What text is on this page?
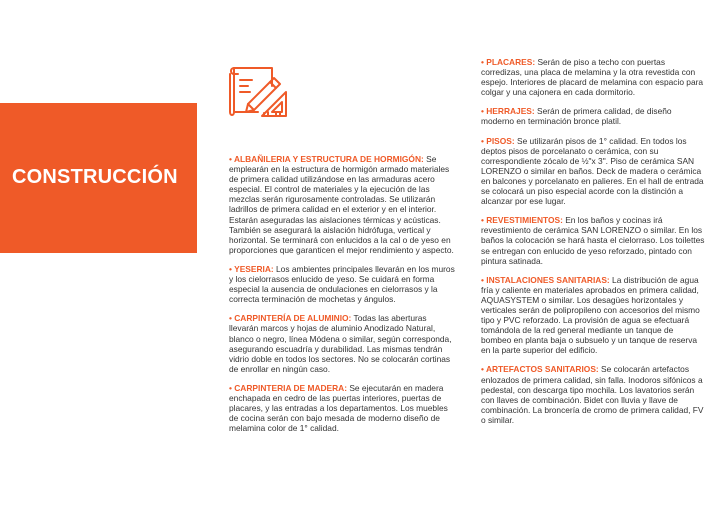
CONSTRUCCIÓN

• ALBAÑILERIA Y ESTRUCTURA DE HORMIGÓN: Se emplearán en la estructura de hormigón armado materiales de primera calidad utilizándose en las armaduras acero especial. El control de materiales y la ejecución de las mezclas serán rigurosamente controladas. Se utilizarán ladrillos de primera calidad en el exterior y en el interior. Estarán aseguradas las aislaciones térmicas y acústicas. También se asegurará la aislación hidrófuga, vertical y horizontal. Se terminará con enlucidos a la cal o de yeso en proporciones que garanticen el mejor rendimiento y aspecto.

• YESERIA: Los ambientes principales llevarán en los muros y los cielorrasos enlucido de yeso. Se cuidará en forma especial la ausencia de ondulaciones en cielorrasos y la correcta terminación de mochetas y ángulos.

• CARPINTERÍA DE ALUMINIO: Todas las aberturas llevarán marcos y hojas de aluminio Anodizado Natural, blanco o negro, línea Módena o similar, según corresponda, asegurando escuadría y durabilidad. Las mismas tendrán vidrio doble en todos los sectores. No se colocarán cortinas de enrollar en ningún caso.

• CARPINTERIA DE MADERA: Se ejecutarán en madera enchapada en cedro de las puertas interiores, puertas de placares, y las entradas a los departamentos. Los muebles de cocina serán con bajo mesada de moderno diseño de melamina color de 1° calidad.

• PLACARES: Serán de piso a techo con puertas corredizas, una placa de melamina y la otra revestida con espejo. Interiores de placard de melamina con espacio para colgar y una cajonera en cada dormitorio.

• HERRAJES: Serán de primera calidad, de diseño moderno en terminación bronce platil.

• PISOS: Se utilizarán pisos de 1° calidad. En todos los deptos pisos de porcelanato o cerámica, con su correspondiente zócalo de ½"x 3". Piso de cerámica SAN LORENZO o similar en baños. Deck de madera o cerámica en balcones y porcelanato en palieres. En el hall de entrada se colocará un piso especial acorde con la distinción a alcanzar por ese lugar.

• REVESTIMIENTOS: En los baños y cocinas irá revestimiento de cerámica SAN LORENZO o similar. En los baños la colocación se hará hasta el cielorraso. Los toilettes se entregan con enlucido de yeso reforzado, pintado con pintura satinada.

• INSTALACIONES SANITARIAS: La distribución de agua fría y caliente en materiales aprobados en primera calidad, AQUASYSTEM o similar. Los desagües horizontales y verticales serán de polipropileno con accesorios del mismo tipo y PVC reforzado. La provisión de agua se efectuará tomándola de la red general mediante un tanque de bombeo en planta baja o subsuelo y un tanque de reserva en la parte superior del edificio.

• ARTEFACTOS SANITARIOS: Se colocarán artefactos enlozados de primera calidad, sin falla. Inodoros sifónicos a pedestal, con descarga tipo mochila. Los lavatorios serán con llaves de combinación. Bidet con lluvia y llave de combinación. La broncería de cromo de primera calidad, FV o similar.
